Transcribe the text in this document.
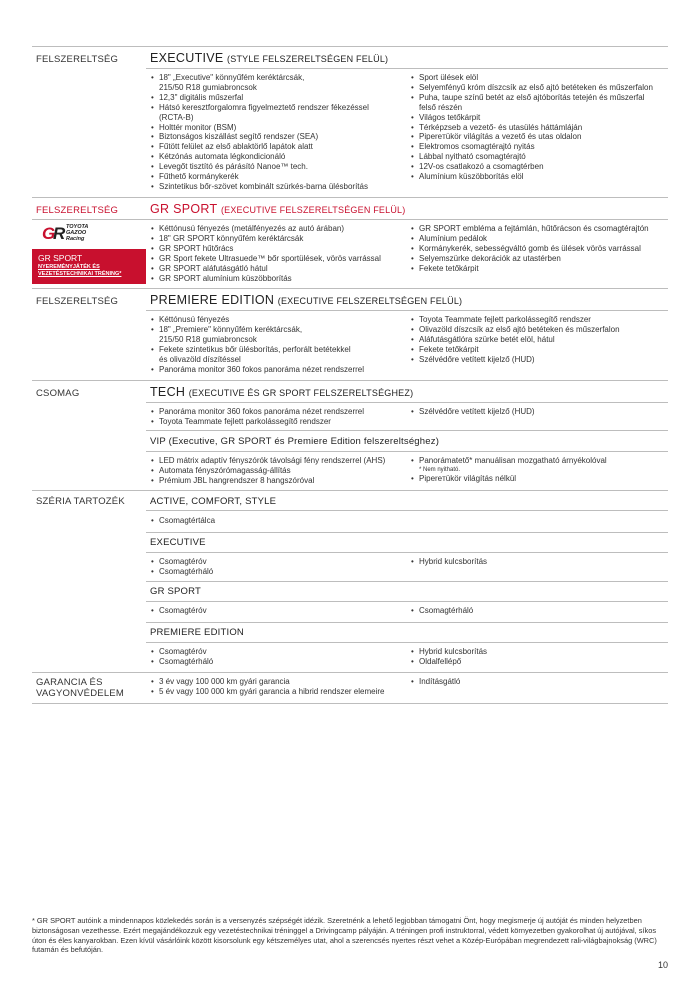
FELSZERELTSÉG	EXECUTIVE (STYLE FELSZERELTSÉGEN FELÜL)
• 18" „Executive" könnyűfém keréktárcsák,
215/50 R18 gumiabroncsok
• 12,3" digitális műszerfal
• Hátsó keresztforgalomra figyelmeztető rendszer fékezéssel
(RCTA-B)
• Holttér monitor (BSM)
• Biztonságos kiszállást segítő rendszer (SEA)
• Fűtött felület az első ablaktörlő lapátok alatt
• Kétzónás automata légkondicionáló
• Levegőt tisztító és párásító Nanoe™ tech.
• Fűthető kormánykerék
• Szintetikus bőr-szövet kombinált szürkés-barna ülésborítás
• Sport ülések elöl
• Selyemfényű króm díszcsík az első ajtó betéteken és műszerfalon
• Puha, taupe színű betét az első ajtóborítás tetején és műszerfal
felső részén
• Világos tetőkárpit
• Térképzseb a vezető- és utasülés háttámláján
• Pipereтükör világítás a vezető és utas oldalon
• Elektromos csomagtérajtó nyitás
• Lábbal nyitható csomagtérajtó
• 12V-os csatlakozó a csomagtérben
• Alumínium küszöbborítás elöl
FELSZERELTSÉG	GR SPORT (EXECUTIVE FELSZERELTSÉGEN FELÜL)
G
R TOYOTA
GAZOO
Racing
GR SPORT
NYEREMÉNYJÁTÉK ÉS VEZETÉSTECHNIKAI TRÉNING*
• Kéttónusú fényezés (metálfényezés az autó árában)
• 18" GR SPORT könnyűfém keréktárcsák
• GR SPORT hűtőrács
• GR Sport fekete Ultrasuede™ bőr sportülések, vörös varrással
• GR SPORT aláfutásgátló hátul
• GR SPORT alumínium küszöbborítás
• GR SPORT embléma a fejtámlán, hűtőrácson és csomagtérajtón
• Alumínium pedálok
• Kormánykerék, sebességváltó gomb és ülések vörös varrással
• Selyemszürke dekorációk az utastérben
• Fekete tetőkárpit
FELSZERELTSÉG	PREMIERE EDITION (EXECUTIVE FELSZERELTSÉGEN FELÜL)
• Kéttónusú fényezés
• 18" „Premiere" könnyűfém keréktárcsák,
215/50 R18 gumiabroncsok
• Fekete szintetikus bőr ülésborítás, perforált betétekkel
és olivazöld díszítéssel
• Panoráma monitor 360 fokos panoráma nézet rendszerrel
• Toyota Teammate fejlett parkolássegítő rendszer
• Olivazöld díszcsík az első ajtó betéteken és műszerfalon
• Aláfutásgátlóra szürke betét elöl, hátul
• Fekete tetőkárpit
• Szélvédőre vetített kijelző (HUD)
CSOMAG	TECH (EXECUTIVE ÉS GR SPORT FELSZERELTSÉGHEZ)
• Panoráma monitor 360 fokos panoráma nézet rendszerrel
• Toyota Teammate fejlett parkolássegítő rendszer
• Szélvédőre vetített kijelző (HUD)
VIP (Executive, GR SPORT és Premiere Edition felszereltséghez)
• LED mátrix adaptív fényszórók távolsági fény rendszerrel (AHS)
• Automata fényszórómagasság-állítás
• Prémium JBL hangrendszer 8 hangszóróval
• Panorámatető* manuálisan mozgatható árnyékolóval
* Nem nyitható.
• Pipereтükör világítás nélkül
SZÉRIA TARTOZÉK	ACTIVE, COMFORT, STYLE
• Csomagtértálca
EXECUTIVE
• Csomagtéróv
• Csomagtérháló
• Hybrid kulcsborítás
GR SPORT
• Csomagtéróv
•	Csomagtérháló
PREMIERE EDITION
• Csomagtéróv
• Csomagtérháló
• Hybrid kulcsborítás
• Oldalfellépő
GARANCIA ÉS
VAGYONVÉDELEM
• 3 év vagy 100 000 km gyári garancia
• 5 év vagy 100 000 km gyári garancia a hibrid rendszer elemeire
• Indításgátló
* GR SPORT autóink a mindennapos közlekedés során is a versenyzés szépségét idézik. Szeretnénk a lehető legjobban támogatni Önt, hogy megismerje új autóját és minden helyzetben biztonságosan vezethesse. Ezért megajándékozzuk egy vezetéstechnikai tréninggel a Drivingcamp pályáján. A tréningen profi instruktorral, védett környezetben gyakorolhat új autójával, síkos úton és éles kanyarokban. Ezen kívül vásárlóink között kisorsolunk egy kétszemélyes utat, ahol a szerencsés nyertes részt vehet a Közép-Európában megrendezett rali-világbajnokság (WRC) futamán és befutóján.
10
